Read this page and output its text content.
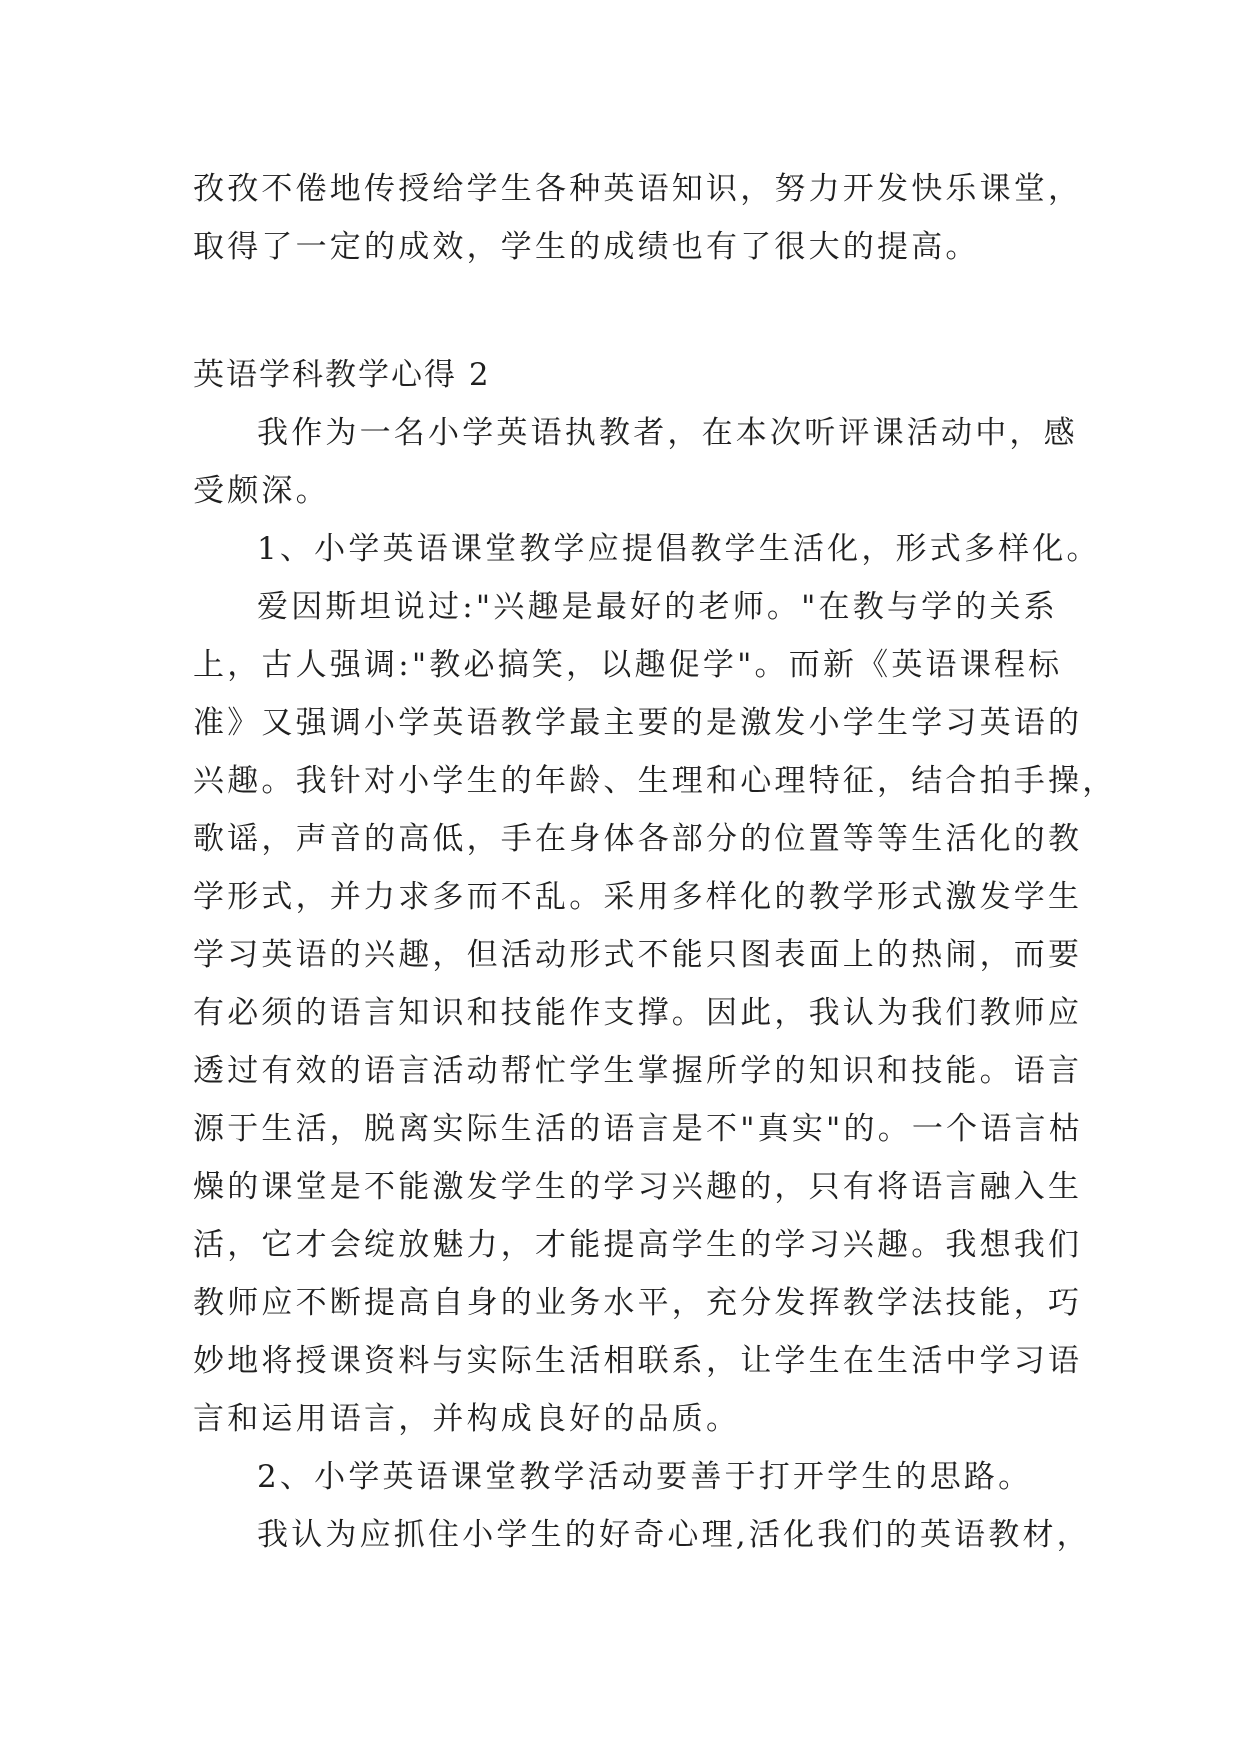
孜孜不倦地传授给学生各种英语知识，努力开发快乐课堂，
取得了一定的成效，学生的成绩也有了很大的提高。
英语学科教学心得 2
我作为一名小学英语执教者，在本次听评课活动中，感
受颇深。
1、小学英语课堂教学应提倡教学生活化，形式多样化。
爱因斯坦说过:"兴趣是最好的老师。"在教与学的关系
上，古人强调:"教必搞笑，以趣促学"。而新《英语课程标
准》又强调小学英语教学最主要的是激发小学生学习英语的
兴趣。我针对小学生的年龄、生理和心理特征，结合拍手操，
歌谣，声音的高低，手在身体各部分的位置等等生活化的教
学形式，并力求多而不乱。采用多样化的教学形式激发学生
学习英语的兴趣，但活动形式不能只图表面上的热闹，而要
有必须的语言知识和技能作支撑。因此，我认为我们教师应
透过有效的语言活动帮忙学生掌握所学的知识和技能。语言
源于生活，脱离实际生活的语言是不"真实"的。一个语言枯
燥的课堂是不能激发学生的学习兴趣的，只有将语言融入生
活，它才会绽放魅力，才能提高学生的学习兴趣。我想我们
教师应不断提高自身的业务水平，充分发挥教学法技能，巧
妙地将授课资料与实际生活相联系，让学生在生活中学习语
言和运用语言，并构成良好的品质。
2、小学英语课堂教学活动要善于打开学生的思路。
我认为应抓住小学生的好奇心理,活化我们的英语教材，
